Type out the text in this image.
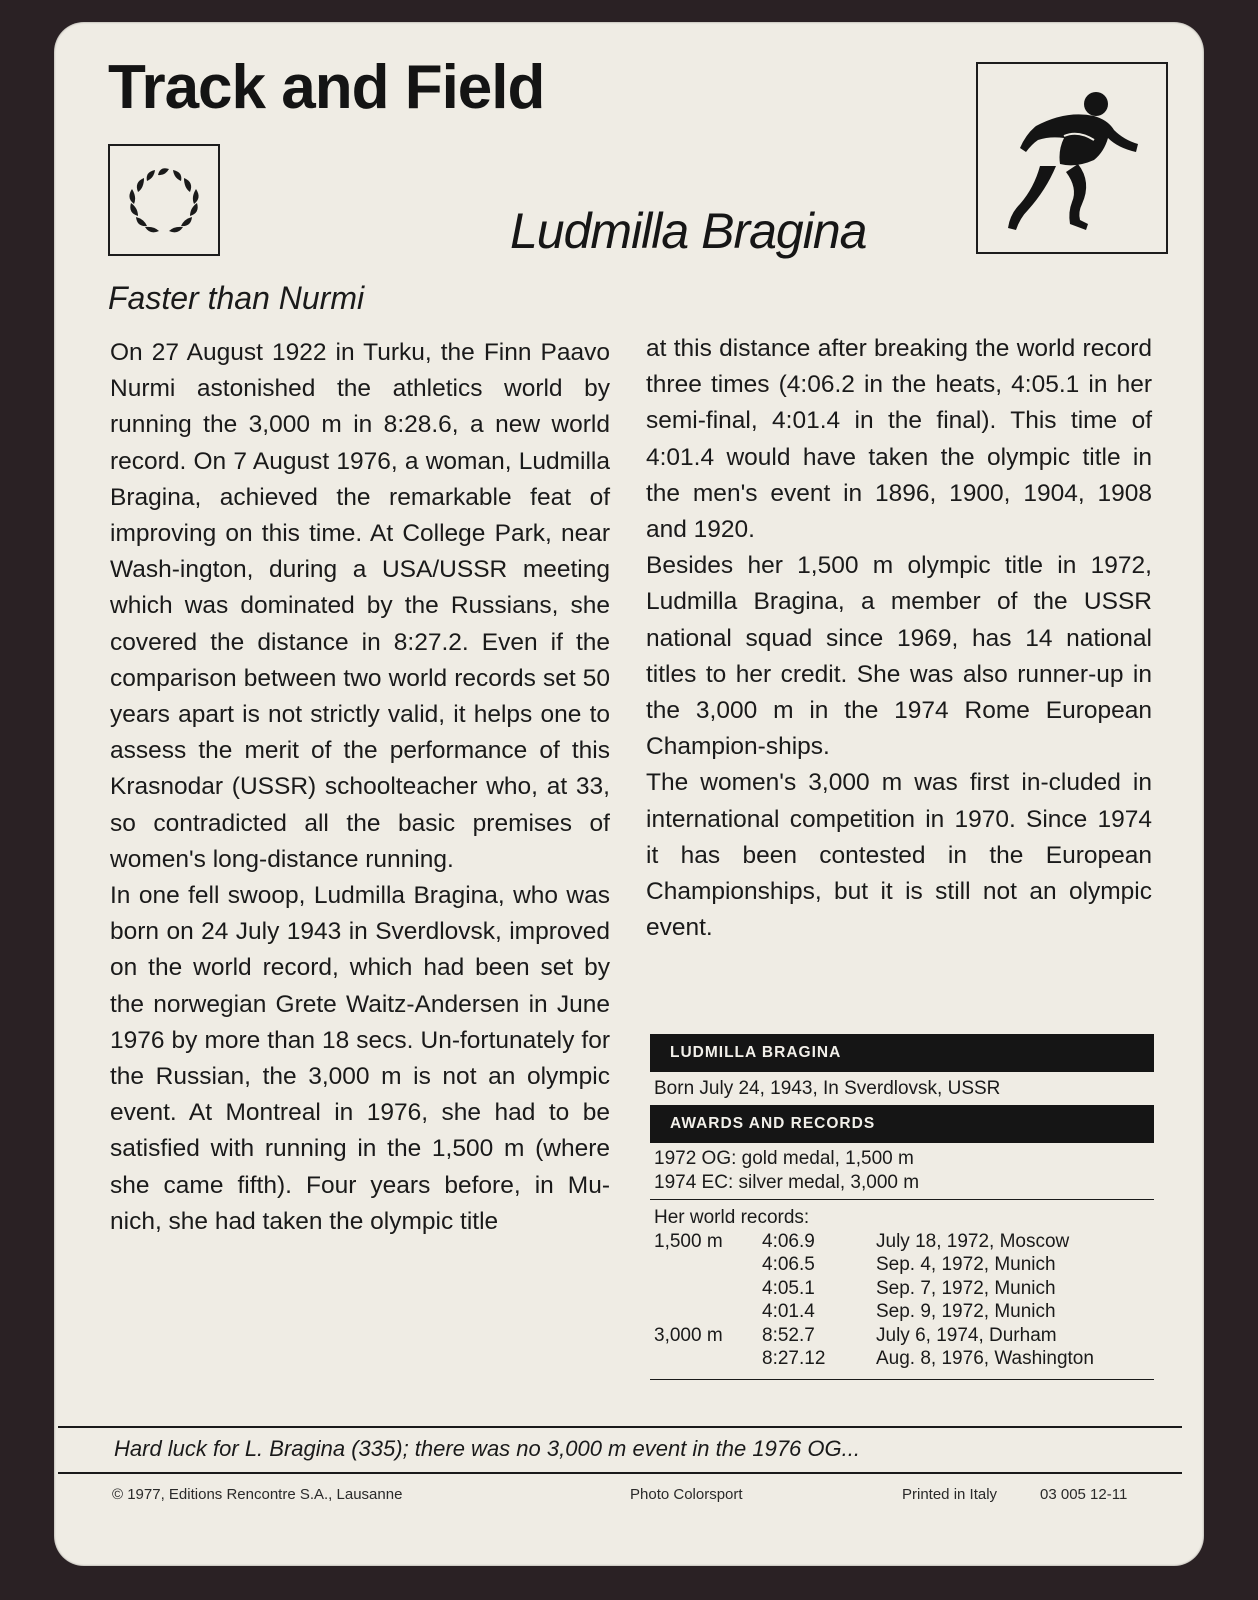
Track and Field
Ludmilla Bragina
Faster than Nurmi

On 27 August 1922 in Turku, the Finn Paavo Nurmi astonished the athletics world by running the 3,000 m in 8:28.6, a new world record. On 7 August 1976, a woman, Ludmilla Bragina, achieved the remarkable feat of improving on this time. At College Park, near Wash-ington, during a USA/USSR meeting which was dominated by the Russians, she covered the distance in 8:27.2. Even if the comparison between two world records set 50 years apart is not strictly valid, it helps one to assess the merit of the performance of this Krasnodar (USSR) schoolteacher who, at 33, so contradicted all the basic premises of women's long-distance running.

In one fell swoop, Ludmilla Bragina, who was born on 24 July 1943 in Sverdlovsk, improved on the world record, which had been set by the norwegian Grete Waitz-Andersen in June 1976 by more than 18 secs. Un-fortunately for the Russian, the 3,000 m is not an olympic event. At Montreal in 1976, she had to be satisfied with running in the 1,500 m (where she came fifth). Four years before, in Mu-nich, she had taken the olympic title

at this distance after breaking the world record three times (4:06.2 in the heats, 4:05.1 in her semi-final, 4:01.4 in the final). This time of 4:01.4 would have taken the olympic title in the men's event in 1896, 1900, 1904, 1908 and 1920.

Besides her 1,500 m olympic title in 1972, Ludmilla Bragina, a member of the USSR national squad since 1969, has 14 national titles to her credit. She was also runner-up in the 3,000 m in the 1974 Rome European Champion-ships.

The women's 3,000 m was first in-cluded in international competition in 1970. Since 1974 it has been contested in the European Championships, but it is still not an olympic event.

LUDMILLA BRAGINA
Born July 24, 1943, In Sverdlovsk, USSR
AWARDS AND RECORDS
1972 OG: gold medal, 1,500 m
1974 EC: silver medal, 3,000 m
Her world records:
1,500 m	4:06.9	July 18, 1972, Moscow
	4:06.5	Sep. 4, 1972, Munich
	4:05.1	Sep. 7, 1972, Munich
	4:01.4	Sep. 9, 1972, Munich
3,000 m	8:52.7	July 6, 1974, Durham
	8:27.12	Aug. 8, 1976, Washington
Hard luck for L. Bragina (335); there was no 3,000 m event in the 1976 OG...
© 1977, Editions Rencontre S.A., Lausanne	Photo Colorsport	Printed in Italy	03 005 12-11
